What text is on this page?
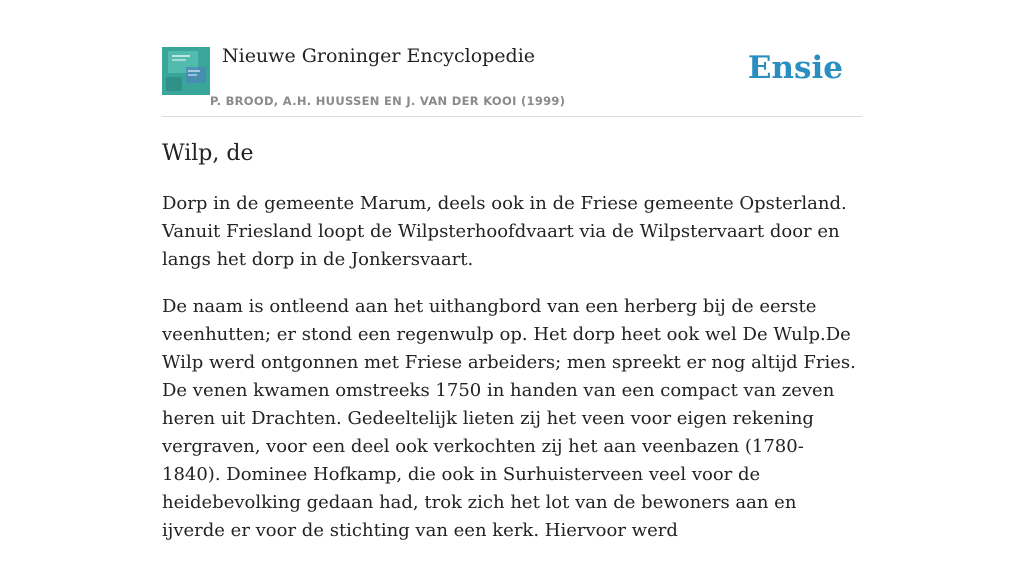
Nieuwe Groninger Encyclopedie
P. BROOD, A.H. HUUSSEN EN J. VAN DER KOOI (1999)
Ensie
Wilp, de

Dorp in de gemeente Marum, deels ook in de Friese gemeente Opsterland. Vanuit Friesland loopt de Wilpsterhoofdvaart via de Wilpstervaart door en langs het dorp in de Jonkersvaart.

De naam is ontleend aan het uithangbord van een herberg bij de eerste veenhutten; er stond een regenwulp op. Het dorp heet ook wel De Wulp.De Wilp werd ontgonnen met Friese arbeiders; men spreekt er nog altijd Fries. De venen kwamen omstreeks 1750 in handen van een compact van zeven heren uit Drachten. Gedeeltelijk lieten zij het veen voor eigen rekening vergraven, voor een deel ook verkochten zij het aan veenbazen (1780-1840). Dominee Hofkamp, die ook in Surhuisterveen veel voor de heidebevolking gedaan had, trok zich het lot van de bewoners aan en ijverde er voor de stichting van een kerk. Hiervoor werd
